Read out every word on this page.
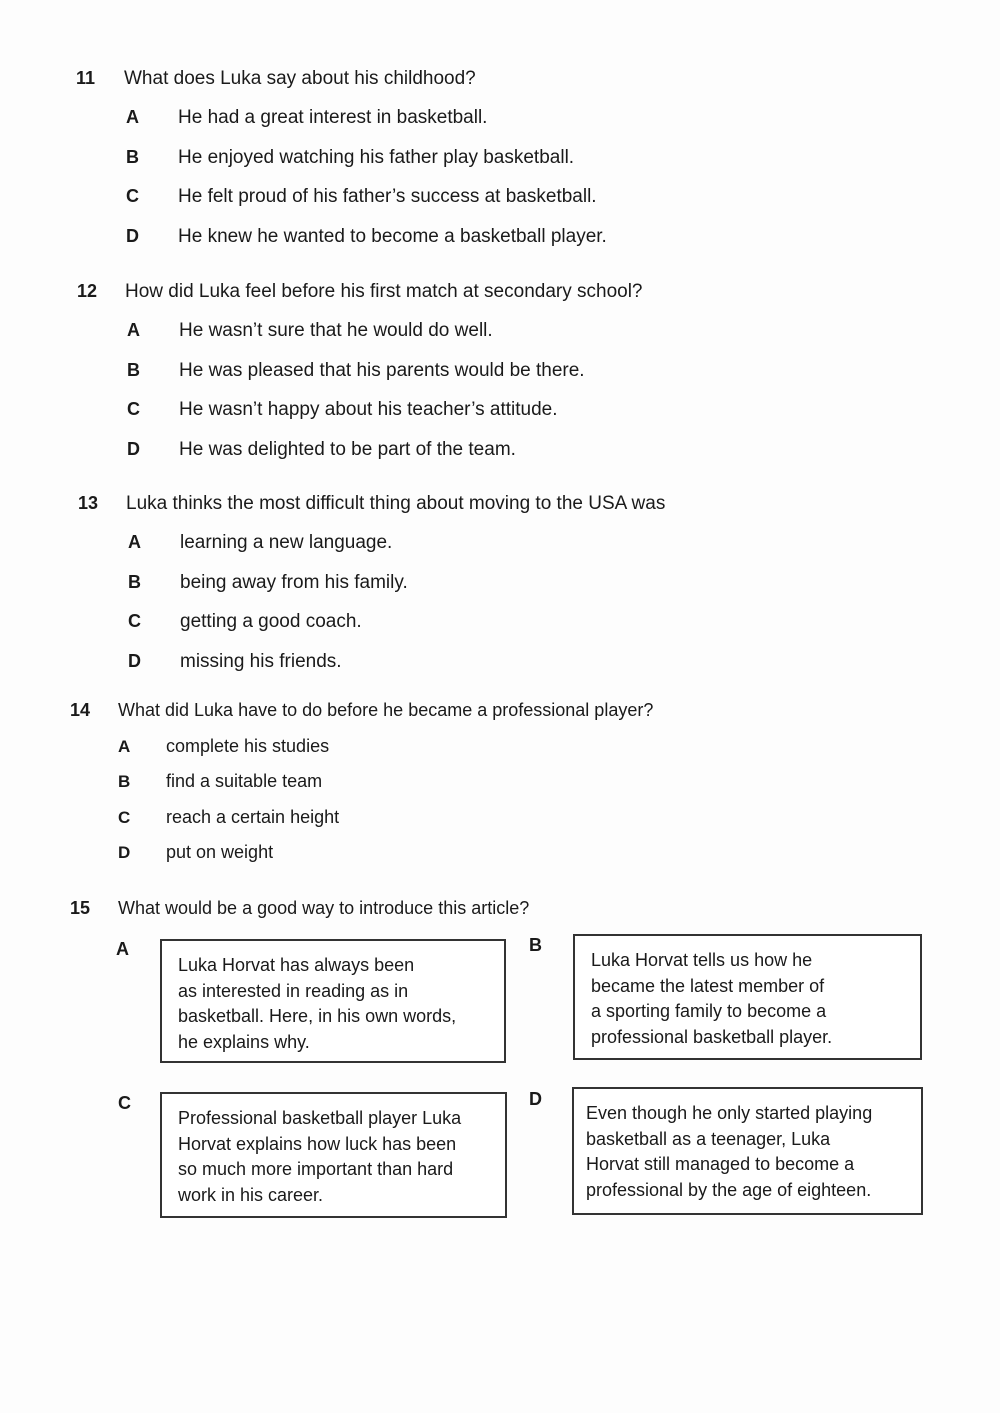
11	What does Luka say about his childhood?
A	He had a great interest in basketball.
B	He enjoyed watching his father play basketball.
C	He felt proud of his father’s success at basketball.
D	He knew he wanted to become a basketball player.
12	How did Luka feel before his first match at secondary school?
A	He wasn’t sure that he would do well.
B	He was pleased that his parents would be there.
C	He wasn’t happy about his teacher’s attitude.
D	He was delighted to be part of the team.
13	Luka thinks the most difficult thing about moving to the USA was
A	learning a new language.
B	being away from his family.
C	getting a good coach.
D	missing his friends.
14	What did Luka have to do before he became a professional player?
A	complete his studies
B	find a suitable team
C	reach a certain height
D	put on weight
15	What would be a good way to introduce this article?
A

Luka Horvat has always been

as interested in reading as in

basketball. Here, in his own words,

he explains why.

B

Luka Horvat tells us how he

became the latest member of

a sporting family to become a

professional basketball player.

C

Professional basketball player Luka

Horvat explains how luck has been

so much more important than hard

work in his career.

D

Even though he only started playing

basketball as a teenager, Luka

Horvat still managed to become a

professional by the age of eighteen.
